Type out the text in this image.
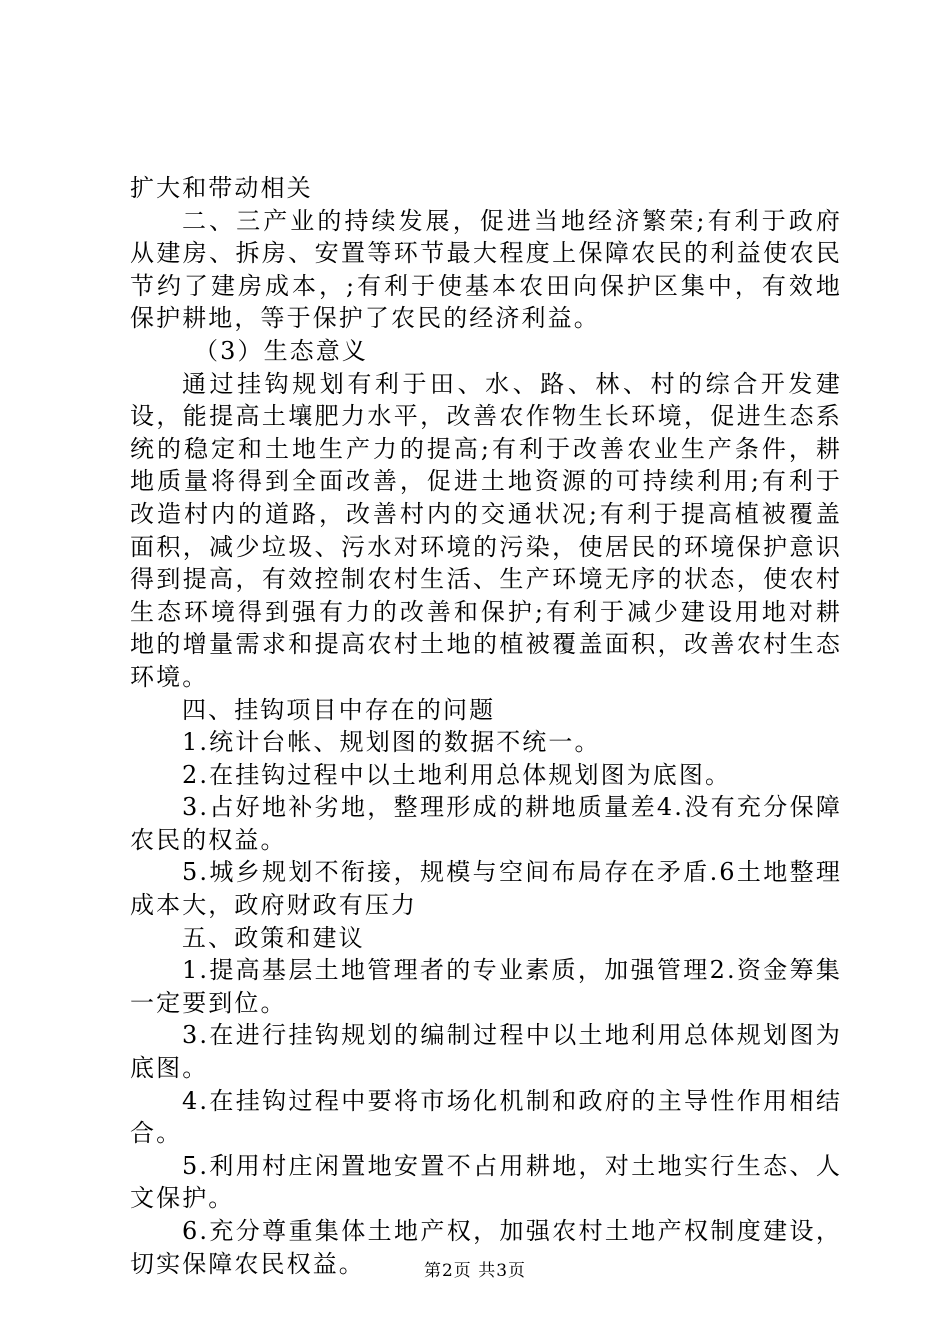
扩大和带动相关

二、三产业的持续发展，促进当地经济繁荣;有利于政府从建房、拆房、安置等环节最大程度上保障农民的利益使农民节约了建房成本，;有利于使基本农田向保护区集中，有效地保护耕地，等于保护了农民的经济利益。

（3）生态意义

通过挂钩规划有利于田、水、路、林、村的综合开发建设，能提高土壤肥力水平，改善农作物生长环境，促进生态系统的稳定和土地生产力的提高;有利于改善农业生产条件，耕地质量将得到全面改善，促进土地资源的可持续利用;有利于改造村内的道路，改善村内的交通状况;有利于提高植被覆盖面积，减少垃圾、污水对环境的污染，使居民的环境保护意识得到提高，有效控制农村生活、生产环境无序的状态，使农村生态环境得到强有力的改善和保护;有利于减少建设用地对耕地的增量需求和提高农村土地的植被覆盖面积，改善农村生态环境。

四、挂钩项目中存在的问题

1.统计台帐、规划图的数据不统一。

2.在挂钩过程中以土地利用总体规划图为底图。

3.占好地补劣地，整理形成的耕地质量差4.没有充分保障农民的权益。

5.城乡规划不衔接，规模与空间布局存在矛盾.6土地整理成本大，政府财政有压力

五、政策和建议

1.提高基层土地管理者的专业素质，加强管理2.资金筹集一定要到位。

3.在进行挂钩规划的编制过程中以土地利用总体规划图为底图。

4.在挂钩过程中要将市场化机制和政府的主导性作用相结合。

5.利用村庄闲置地安置不占用耕地，对土地实行生态、人文保护。

6.充分尊重集体土地产权，加强农村土地产权制度建设，切实保障农民权益。	第2页 共3页
